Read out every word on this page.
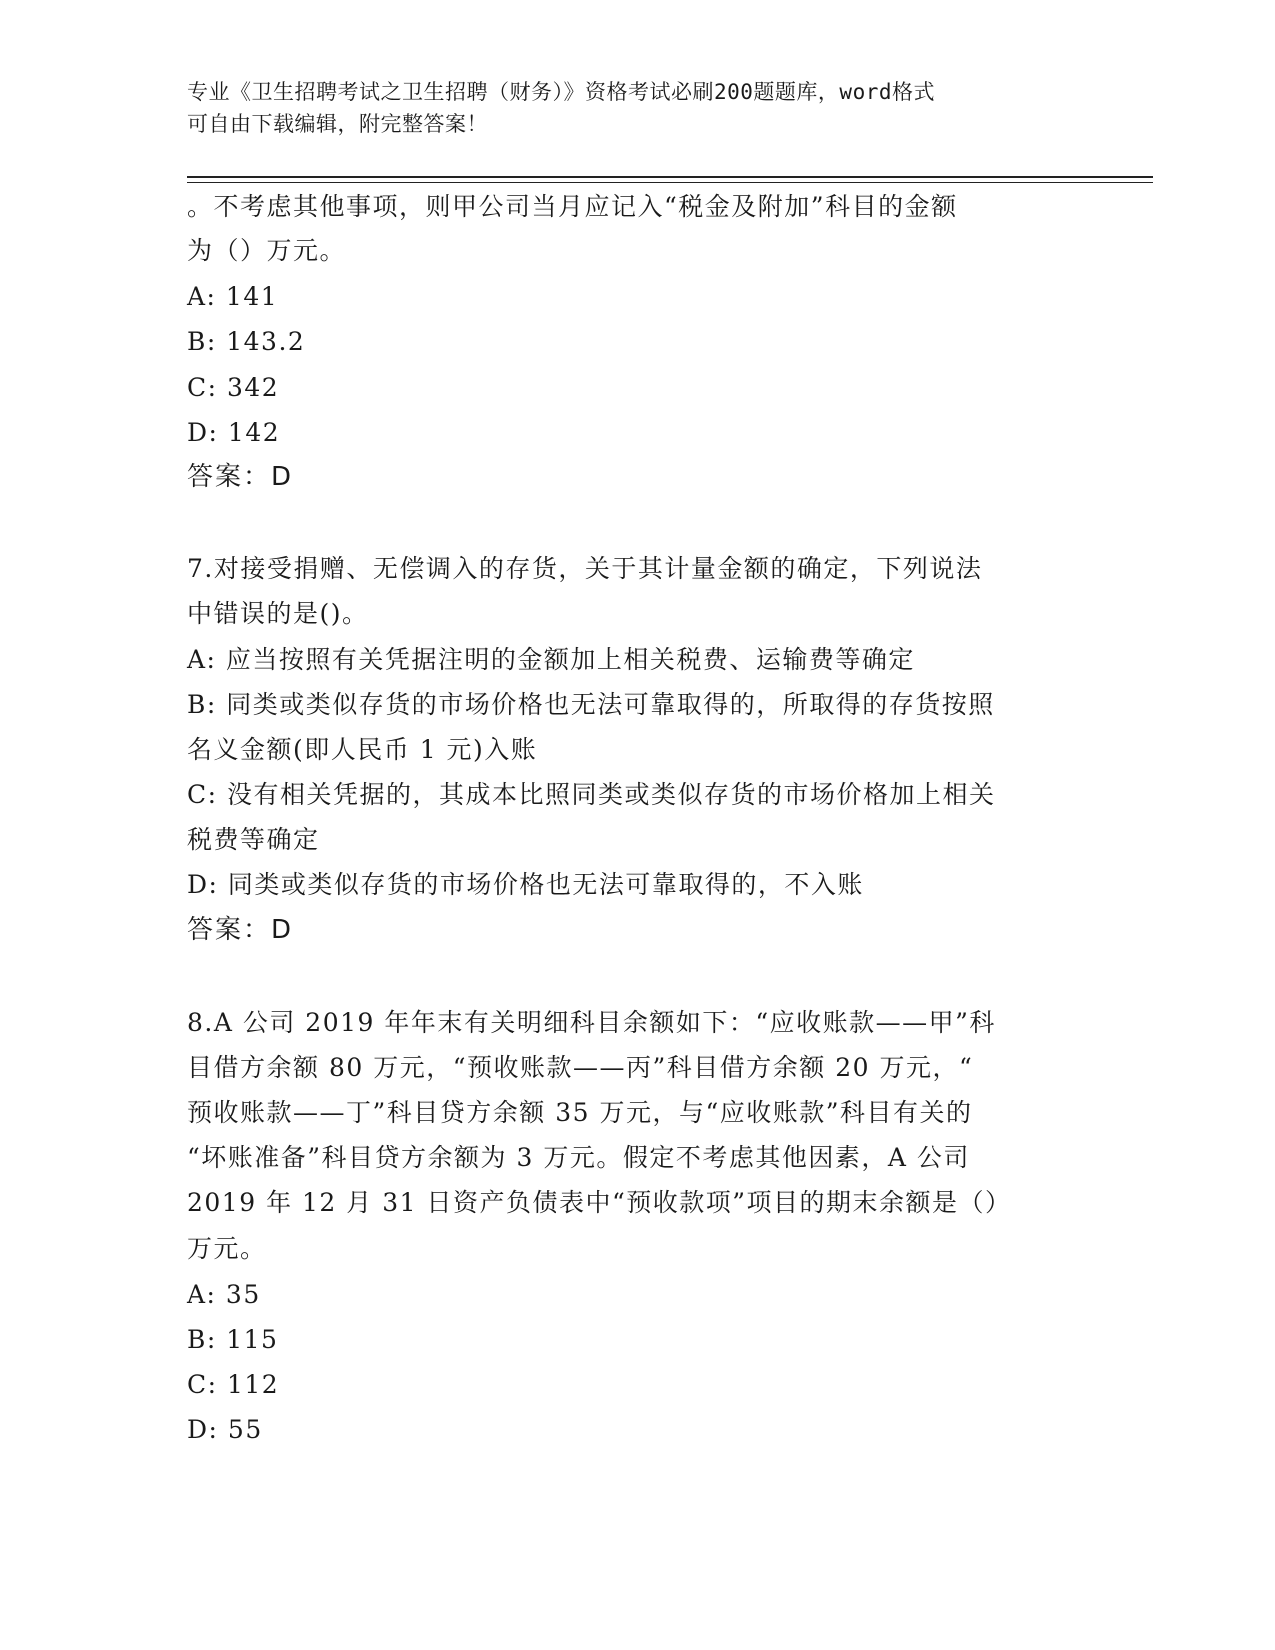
专业《卫生招聘考试之卫生招聘（财务）》资格考试必刷200题题库，word格式
可自由下载编辑，附完整答案！

。不考虑其他事项，则甲公司当月应记入“税金及附加”科目的金额

为（）万元。

A: 141

B: 143.2

C: 342

D: 142

答案：D

7.对接受捐赠、无偿调入的存货，关于其计量金额的确定，下列说法

中错误的是()。

A: 应当按照有关凭据注明的金额加上相关税费、运输费等确定

B: 同类或类似存货的市场价格也无法可靠取得的，所取得的存货按照

名义金额(即人民币 1 元)入账

C: 没有相关凭据的，其成本比照同类或类似存货的市场价格加上相关

税费等确定

D: 同类或类似存货的市场价格也无法可靠取得的，不入账

答案：D

8.A 公司 2019 年年末有关明细科目余额如下：“应收账款——甲”科

目借方余额 80 万元，“预收账款——丙”科目借方余额 20 万元，“

预收账款——丁”科目贷方余额 35 万元，与“应收账款”科目有关的

“坏账准备”科目贷方余额为 3 万元。假定不考虑其他因素，A 公司

2019 年 12 月 31 日资产负债表中“预收款项”项目的期末余额是（）

万元。

A: 35

B: 115

C: 112

D: 55
